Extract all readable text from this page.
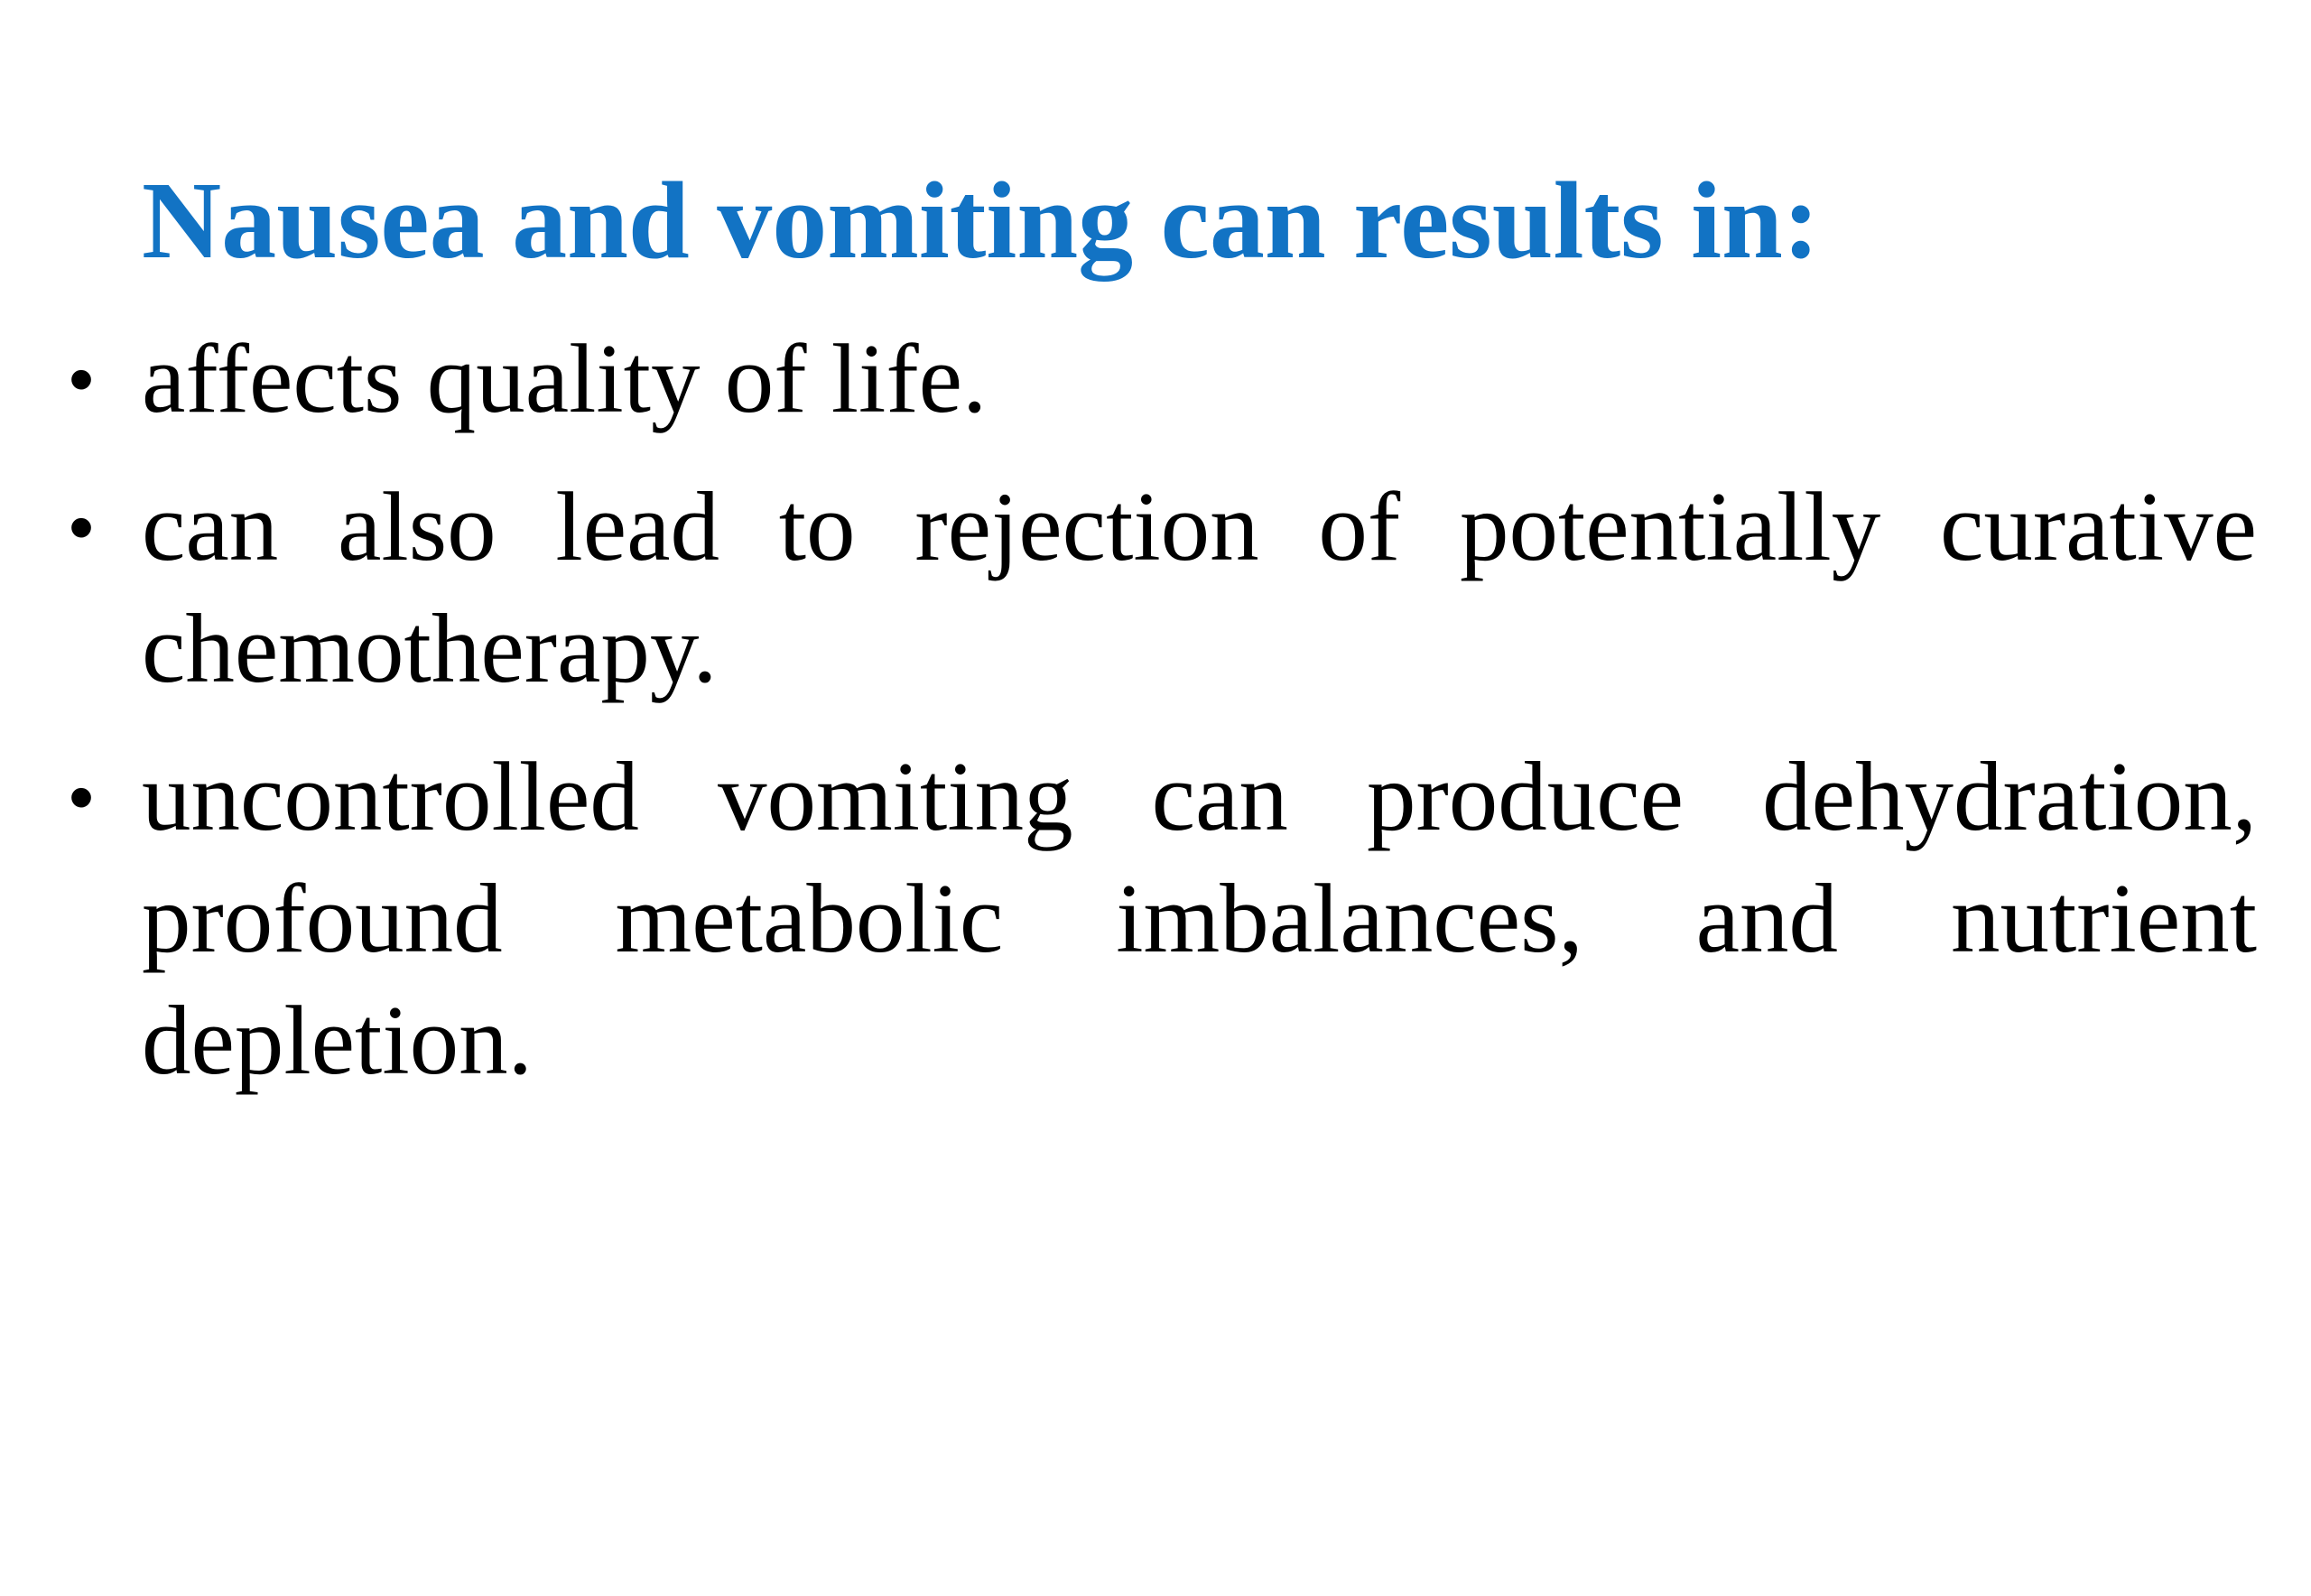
Nausea and vomiting can results in:
• affects quality of life.
• can also lead to rejection of potentially curative chemotherapy.
• uncontrolled vomiting can produce dehydration, profound metabolic imbalances, and nutrient depletion.
